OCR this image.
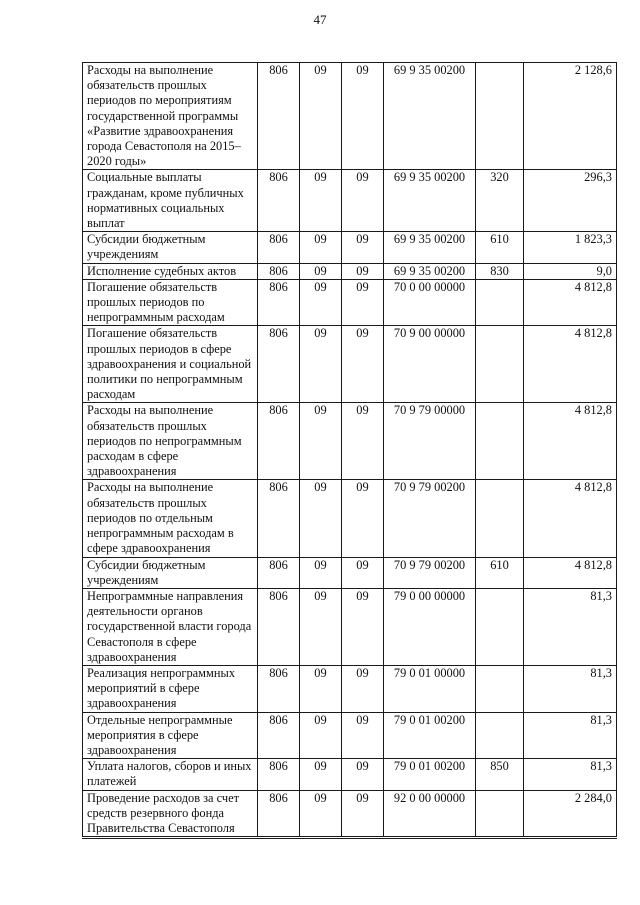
47
Расходы на выполнение обязательств прошлых периодов по мероприятиям государственной программы «Развитие здравоохранения города Севастополя на 2015–2020 годы»	806	09	09	69 9 35 00200		2 128,6
Социальные выплаты гражданам, кроме публичных нормативных социальных выплат	806	09	09	69 9 35 00200	320	296,3
Субсидии бюджетным учреждениям	806	09	09	69 9 35 00200	610	1 823,3
Исполнение судебных актов	806	09	09	69 9 35 00200	830	9,0
Погашение обязательств прошлых периодов по непрограммным расходам	806	09	09	70 0 00 00000		4 812,8
Погашение обязательств прошлых периодов в сфере здравоохранения и социальной политики по непрограммным расходам	806	09	09	70 9 00 00000		4 812,8
Расходы на выполнение обязательств прошлых периодов по непрограммным расходам в сфере здравоохранения	806	09	09	70 9 79 00000		4 812,8
Расходы на выполнение обязательств прошлых периодов по отдельным непрограммным расходам в сфере здравоохранения	806	09	09	70 9 79 00200		4 812,8
Субсидии бюджетным учреждениям	806	09	09	70 9 79 00200	610	4 812,8
Непрограммные направления деятельности органов государственной власти города Севастополя в сфере здравоохранения	806	09	09	79 0 00 00000		81,3
Реализация непрограммных мероприятий в сфере здравоохранения	806	09	09	79 0 01 00000		81,3
Отдельные непрограммные мероприятия в сфере здравоохранения	806	09	09	79 0 01 00200		81,3
Уплата налогов, сборов и иных платежей	806	09	09	79 0 01 00200	850	81,3
Проведение расходов за счет средств резервного фонда Правительства Севастополя	806	09	09	92 0 00 00000		2 284,0
